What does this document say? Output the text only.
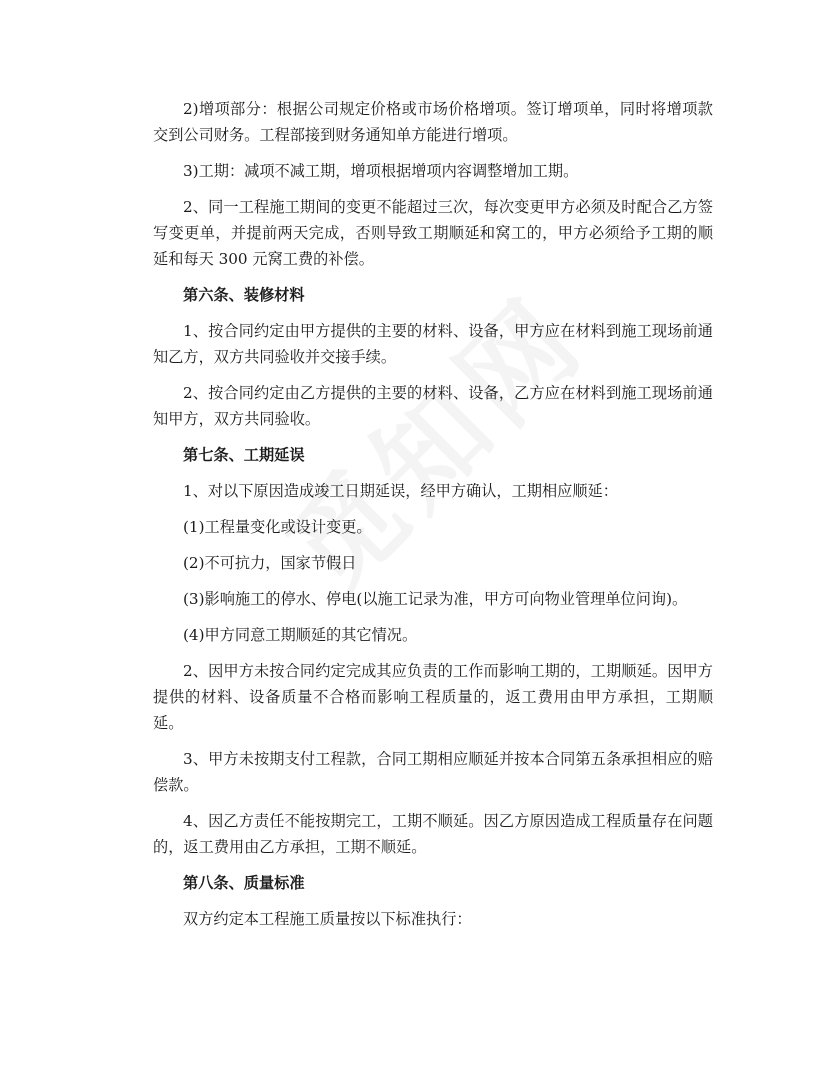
2)增项部分：根据公司规定价格或市场价格增项。签订增项单，同时将增项款交到公司财务。工程部接到财务通知单方能进行增项。

3)工期：减项不减工期，增项根据增项内容调整增加工期。

2、同一工程施工期间的变更不能超过三次，每次变更甲方必须及时配合乙方签写变更单，并提前两天完成，否则导致工期顺延和窝工的，甲方必须给予工期的顺延和每天 300 元窝工费的补偿。

第六条、装修材料

1、按合同约定由甲方提供的主要的材料、设备，甲方应在材料到施工现场前通知乙方，双方共同验收并交接手续。

2、按合同约定由乙方提供的主要的材料、设备，乙方应在材料到施工现场前通知甲方，双方共同验收。

第七条、工期延误

1、对以下原因造成竣工日期延误，经甲方确认，工期相应顺延：

(1)工程量变化或设计变更。

(2)不可抗力，国家节假日

(3)影响施工的停水、停电(以施工记录为准，甲方可向物业管理单位问询)。

(4)甲方同意工期顺延的其它情况。

2、因甲方未按合同约定完成其应负责的工作而影响工期的，工期顺延。因甲方提供的材料、设备质量不合格而影响工程质量的，返工费用由甲方承担，工期顺延。

3、甲方未按期支付工程款，合同工期相应顺延并按本合同第五条承担相应的赔偿款。

4、因乙方责任不能按期完工，工期不顺延。因乙方原因造成工程质量存在问题的，返工费用由乙方承担，工期不顺延。

第八条、质量标准

双方约定本工程施工质量按以下标准执行：
